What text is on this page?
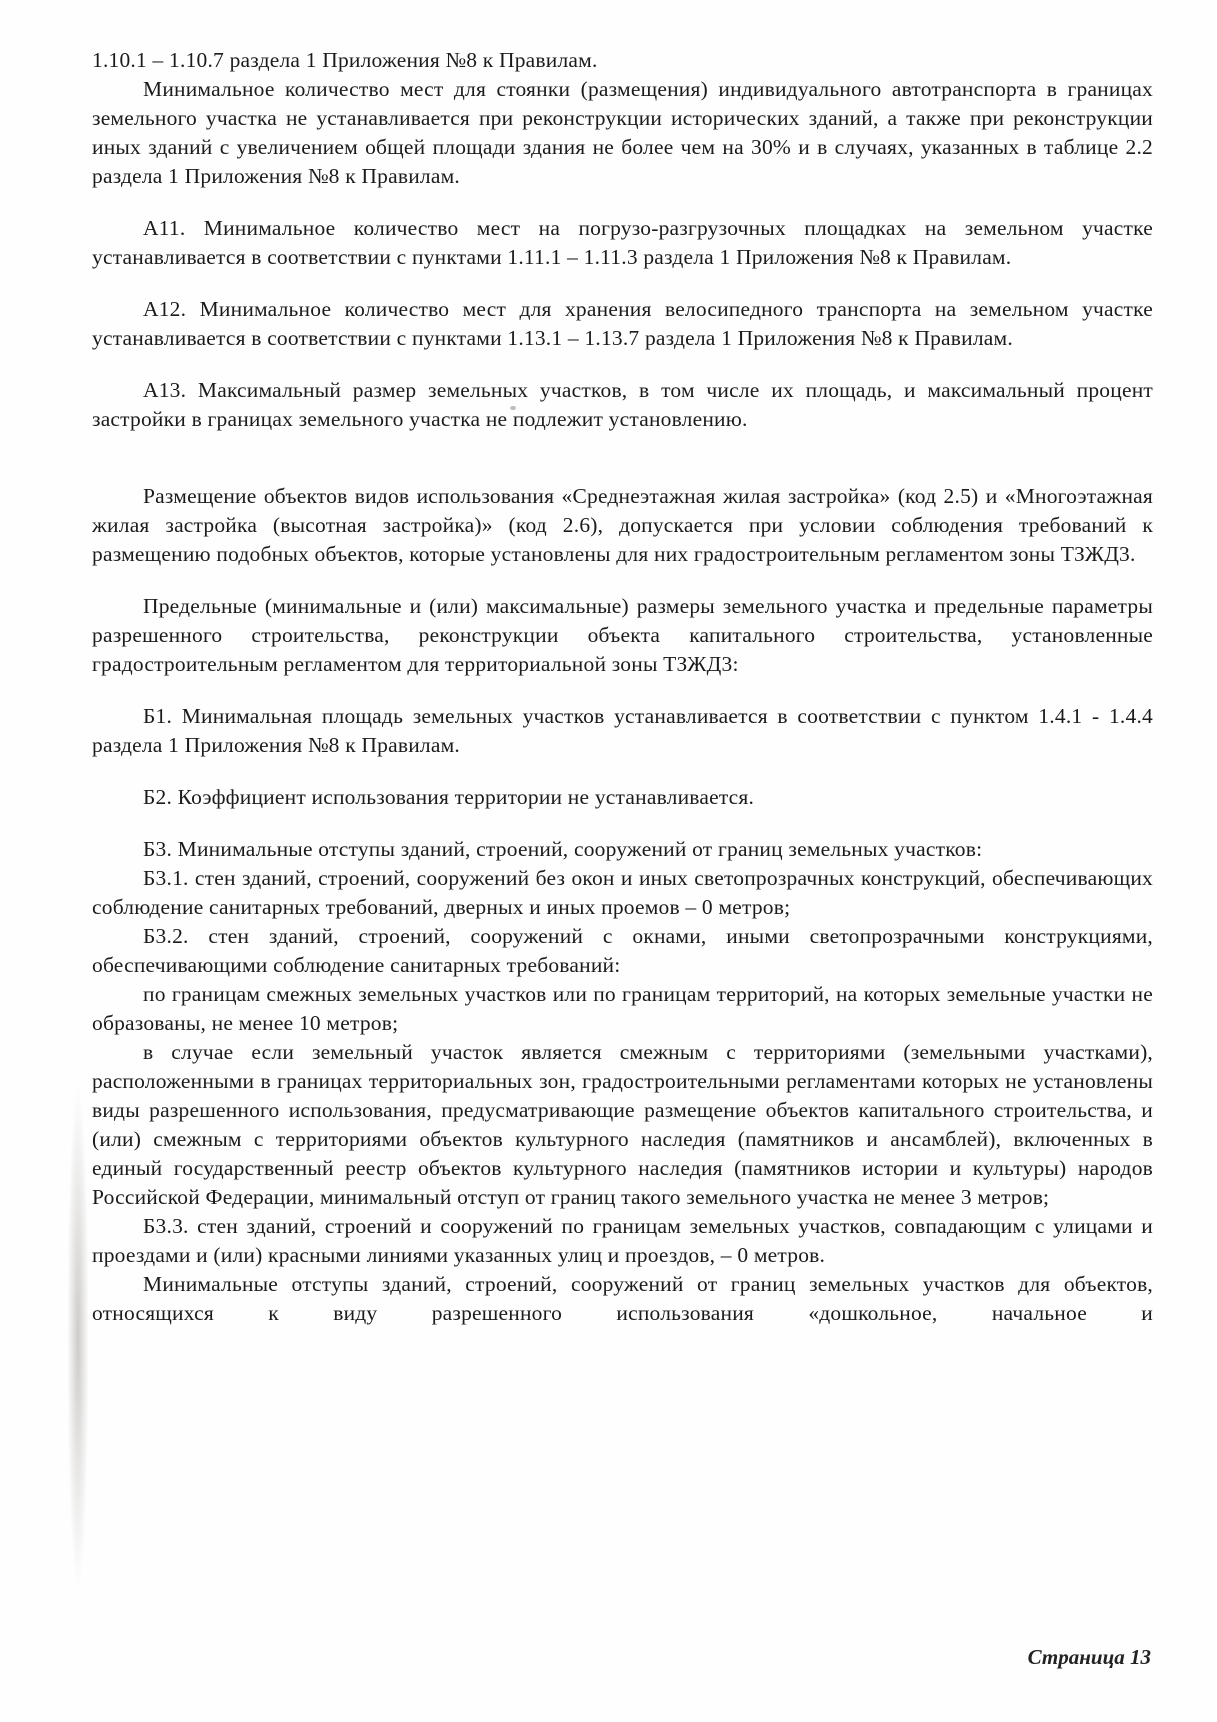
1.10.1 – 1.10.7 раздела 1 Приложения №8 к Правилам.

Минимальное количество мест для стоянки (размещения) индивидуального автотранспорта в границах земельного участка не устанавливается при реконструкции исторических зданий, а также при реконструкции иных зданий с увеличением общей площади здания не более чем на 30% и в случаях, указанных в таблице 2.2 раздела 1 Приложения №8 к Правилам.

А11. Минимальное количество мест на погрузо-разгрузочных площадках на земельном участке устанавливается в соответствии с пунктами 1.11.1 – 1.11.3 раздела 1 Приложения №8 к Правилам.

А12. Минимальное количество мест для хранения велосипедного транспорта на земельном участке устанавливается в соответствии с пунктами 1.13.1 – 1.13.7 раздела 1 Приложения №8 к Правилам.

А13. Максимальный размер земельных участков, в том числе их площадь, и максимальный процент застройки в границах земельного участка не подлежит установлению.

Размещение объектов видов использования «Среднеэтажная жилая застройка» (код 2.5) и «Многоэтажная жилая застройка (высотная застройка)» (код 2.6), допускается при условии соблюдения требований к размещению подобных объектов, которые установлены для них градостроительным регламентом зоны ТЗЖД3.

Предельные (минимальные и (или) максимальные) размеры земельного участка и предельные параметры разрешенного строительства, реконструкции объекта капитального строительства, установленные градостроительным регламентом для территориальной зоны ТЗЖД3:

Б1. Минимальная площадь земельных участков устанавливается в соответствии с пунктом 1.4.1 - 1.4.4 раздела 1 Приложения №8 к Правилам.

Б2. Коэффициент использования территории не устанавливается.

Б3. Минимальные отступы зданий, строений, сооружений от границ земельных участков:

Б3.1. стен зданий, строений, сооружений без окон и иных светопрозрачных конструкций, обеспечивающих соблюдение санитарных требований, дверных и иных проемов – 0 метров;

Б3.2. стен зданий, строений, сооружений с окнами, иными светопрозрачными конструкциями, обеспечивающими соблюдение санитарных требований:

по границам смежных земельных участков или по границам территорий, на которых земельные участки не образованы, не менее 10 метров;

в случае если земельный участок является смежным с территориями (земельными участками), расположенными в границах территориальных зон, градостроительными регламентами которых не установлены виды разрешенного использования, предусматривающие размещение объектов капитального строительства, и (или) смежным с территориями объектов культурного наследия (памятников и ансамблей), включенных в единый государственный реестр объектов культурного наследия (памятников истории и культуры) народов Российской Федерации, минимальный отступ от границ такого земельного участка не менее 3 метров;

Б3.3. стен зданий, строений и сооружений по границам земельных участков, совпадающим с улицами и проездами и (или) красными линиями указанных улиц и проездов, – 0 метров.

Минимальные отступы зданий, строений, сооружений от границ земельных участков для объектов, относящихся к виду разрешенного использования «дошкольное, начальное и

Страница 13
